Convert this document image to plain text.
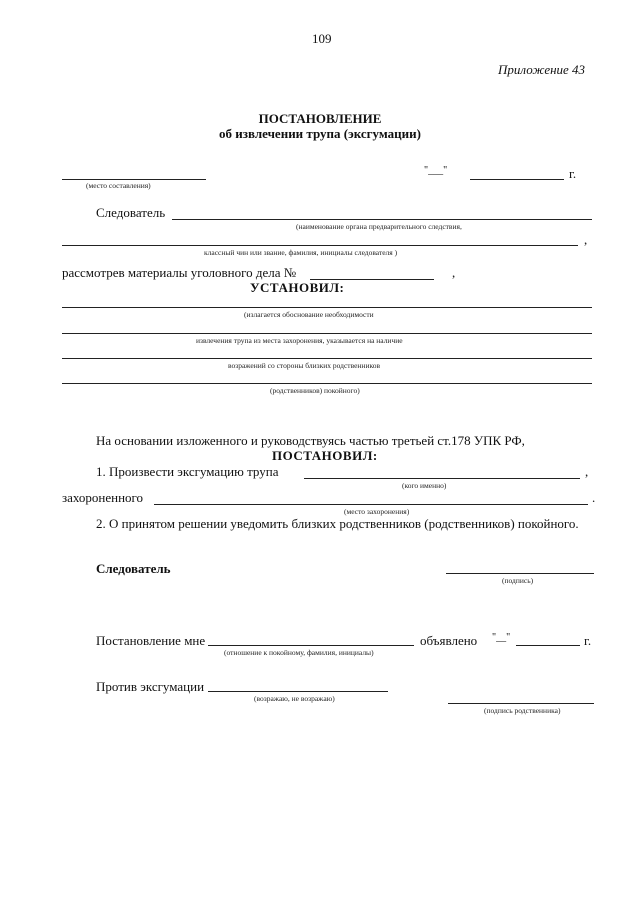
109
Приложение 43
ПОСТАНОВЛЕНИЕ
об извлечении трупа (эксгумации)
(место составления)
"___"	г.
Следователь
(наименование органа предварительного следствия,
,
классный чин или звание, фамилия, инициалы следователя )
рассмотрев материалы уголовного дела №	,
УСТАНОВИЛ:
(излагается обоснование необходимости
извлечения трупа из места захоронения, указывается на наличие
возражений со стороны близких родственников
(родственников) покойного)
На основании изложенного и руководствуясь частью третьей ст.178 УПК РФ,
ПОСТАНОВИЛ:
1. Произвести эксгумацию трупа	,
(кого именно)
захороненного	.
(место захоронения)
2. О принятом решении уведомить близких родственников (родственников) покойного.
Следователь
(подпись)
Постановление мне
(отношение к покойному, фамилия, инициалы)
объявлено "__"	г.
Против эксгумации
(возражаю, не возражаю)
(подпись родственника)
